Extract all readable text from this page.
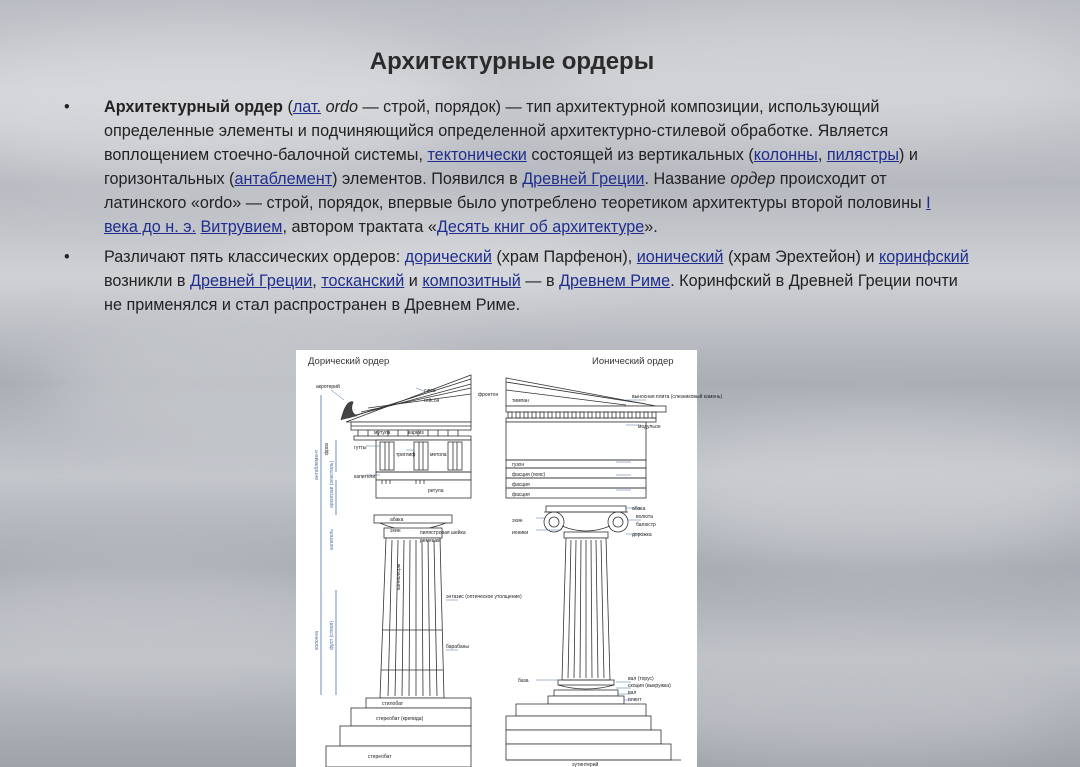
Архитектурные ордеры
• Архитектурный ордер (лат. ordo — строй, порядок) — тип архитектурной композиции, использующий определенные элементы и подчиняющийся определенной архитектурно-стилевой обработке. Является воплощением стоечно-балочной системы, тектонически состоящей из вертикальных (колонны, пилястры) и горизонтальных (антаблемент) элементов. Появился в Древней Греции. Название ордер происходит от латинского «ordo» — строй, порядок, впервые было употреблено теоретиком архитектуры второй половины I века до н. э. Витрувием, автором трактата «Десять книг об архитектуре».
• Различают пять классических ордеров: дорический (храм Парфенон), ионический (храм Эрехтейон) и коринфский возникли в Древней Греции, тосканский и композитный — в Древнем Риме. Коринфский в Древней Греции почти не применялся и стал распространен в Древнем Риме.
Дорический ордер	Ионический ордер
акротерий
сима
гейсон
мутула	карниз
фриз	гутты
триглиф	метопа
капители
регула
абака
эхин	пилястровая шейка
ремешки
каннелюры
энтазис (оптическое утолщение)
барабаны
стилобат
стереобат (крепида)
стереобат
антаблемент архитрав (эпистиль)
капитель
колонна фуст (ствол)
фронтон
тимпан
выносная плита (слезниковый камень)
модульон
гузон
фасция (пояс)
фасция
фасция
абака
волюта
балюстр
эхин
ионики	дорожка
вал (торус)
скоция (выкружка)
вал
плинт
база
эутинтерий
